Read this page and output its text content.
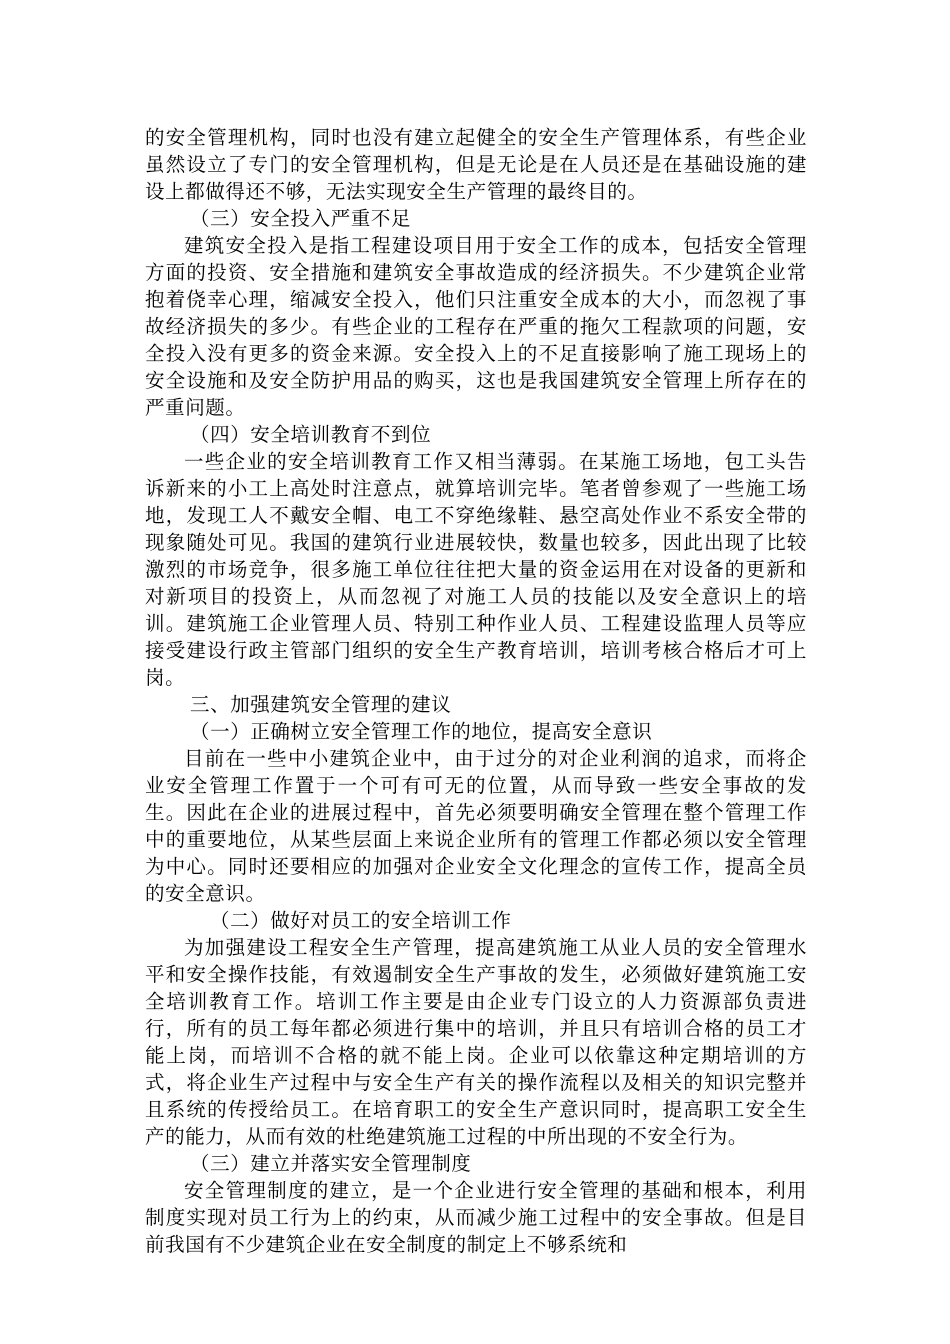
的安全管理机构，同时也没有建立起健全的安全生产管理体系，有些企业虽然设立了专门的安全管理机构，但是无论是在人员还是在基础设施的建设上都做得还不够，无法实现安全生产管理的最终目的。

（三）安全投入严重不足

建筑安全投入是指工程建设项目用于安全工作的成本，包括安全管理方面的投资、安全措施和建筑安全事故造成的经济损失。不少建筑企业常抱着侥幸心理，缩减安全投入，他们只注重安全成本的大小，而忽视了事故经济损失的多少。有些企业的工程存在严重的拖欠工程款项的问题，安全投入没有更多的资金来源。安全投入上的不足直接影响了施工现场上的安全设施和及安全防护用品的购买，这也是我国建筑安全管理上所存在的严重问题。

（四）安全培训教育不到位

一些企业的安全培训教育工作又相当薄弱。在某施工场地，包工头告诉新来的小工上高处时注意点，就算培训完毕。笔者曾参观了一些施工场地，发现工人不戴安全帽、电工不穿绝缘鞋、悬空高处作业不系安全带的现象随处可见。我国的建筑行业进展较快，数量也较多，因此出现了比较激烈的市场竞争，很多施工单位往往把大量的资金运用在对设备的更新和对新项目的投资上，从而忽视了对施工人员的技能以及安全意识上的培训。建筑施工企业管理人员、特别工种作业人员、工程建设监理人员等应接受建设行政主管部门组织的安全生产教育培训，培训考核合格后才可上岗。

三、加强建筑安全管理的建议

（一）正确树立安全管理工作的地位，提高安全意识

目前在一些中小建筑企业中，由于过分的对企业利润的追求，而将企业安全管理工作置于一个可有可无的位置，从而导致一些安全事故的发生。因此在企业的进展过程中，首先必须要明确安全管理在整个管理工作中的重要地位，从某些层面上来说企业所有的管理工作都必须以安全管理为中心。同时还要相应的加强对企业安全文化理念的宣传工作，提高全员的安全意识。

（二）做好对员工的安全培训工作

为加强建设工程安全生产管理，提高建筑施工从业人员的安全管理水平和安全操作技能，有效遏制安全生产事故的发生，必须做好建筑施工安全培训教育工作。培训工作主要是由企业专门设立的人力资源部负责进行，所有的员工每年都必须进行集中的培训，并且只有培训合格的员工才能上岗，而培训不合格的就不能上岗。企业可以依靠这种定期培训的方式，将企业生产过程中与安全生产有关的操作流程以及相关的知识完整并且系统的传授给员工。在培育职工的安全生产意识同时，提高职工安全生产的能力，从而有效的杜绝建筑施工过程的中所出现的不安全行为。

（三）建立并落实安全管理制度

安全管理制度的建立，是一个企业进行安全管理的基础和根本，利用制度实现对员工行为上的约束，从而减少施工过程中的安全事故。但是目前我国有不少建筑企业在安全制度的制定上不够系统和
